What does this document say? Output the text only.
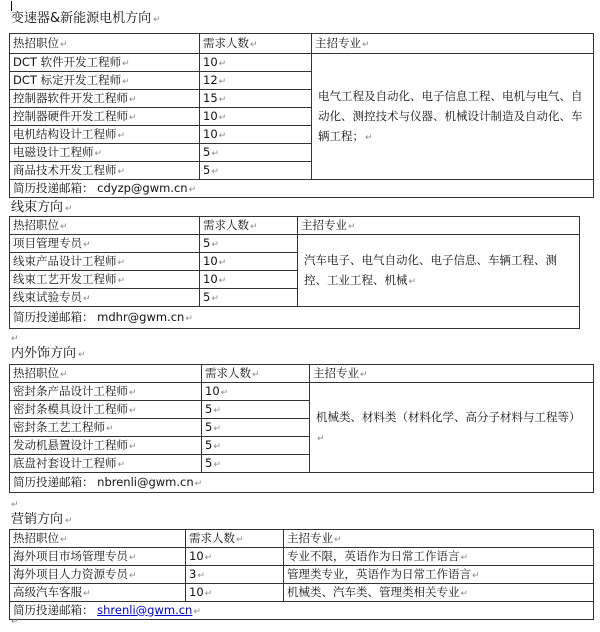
变速器&新能源电机方向 ↵
热招职位↵	需求人数↵	主招专业↵
DCT 软件开发工程师↵	10↵	电气工程及自动化、电子信息工程、电机与电气、自动化、测控技术与仪器、机械设计制造及自动化、车辆工程；↵
DCT 标定开发工程师↵	12↵	
控制器软件开发工程师↵	15↵	
控制器硬件开发工程师↵	10↵	
电机结构设计工程师↵	10↵	
电磁设计工程师↵	5↵	
商品技术开发工程师↵	5↵	
简历投递邮箱： cdyzp@gwm.cn↵		
线束方向 ↵
热招职位↵	需求人数↵	主招专业↵
项目管理专员↵	5↵	汽车电子、电气自动化、电子信息、车辆工程、测控、工业工程、机械↵
线束产品设计工程师↵	10↵	
线束工艺开发工程师↵	10↵	
线束试验专员↵	5↵	
简历投递邮箱： mdhr@gwm.cn↵		
↵
内外饰方向 ↵
热招职位↵	需求人数↵	主招专业↵
密封条产品设计工程师↵	10↵	机械类、材料类（材料化学、高分子材料与工程等）↵
密封条模具设计工程师↵	5↵	
密封条工艺工程师↵	5↵	
发动机悬置设计工程师↵	5↵	
底盘衬套设计工程师↵	5↵	
简历投递邮箱： nbrenli@gwm.cn↵		
↵
营销方向 ↵
热招职位↵	需求人数↵	主招专业↵
海外项目市场管理专员↵	10↵	专业不限，英语作为日常工作语言↵
海外项目人力资源专员↵	3↵	管理类专业，英语作为日常工作语言↵
高级汽车客服↵	10↵	机械类、汽车类、管理类相关专业↵
简历投递邮箱： shrenli@gwm.cn↵		
↵
